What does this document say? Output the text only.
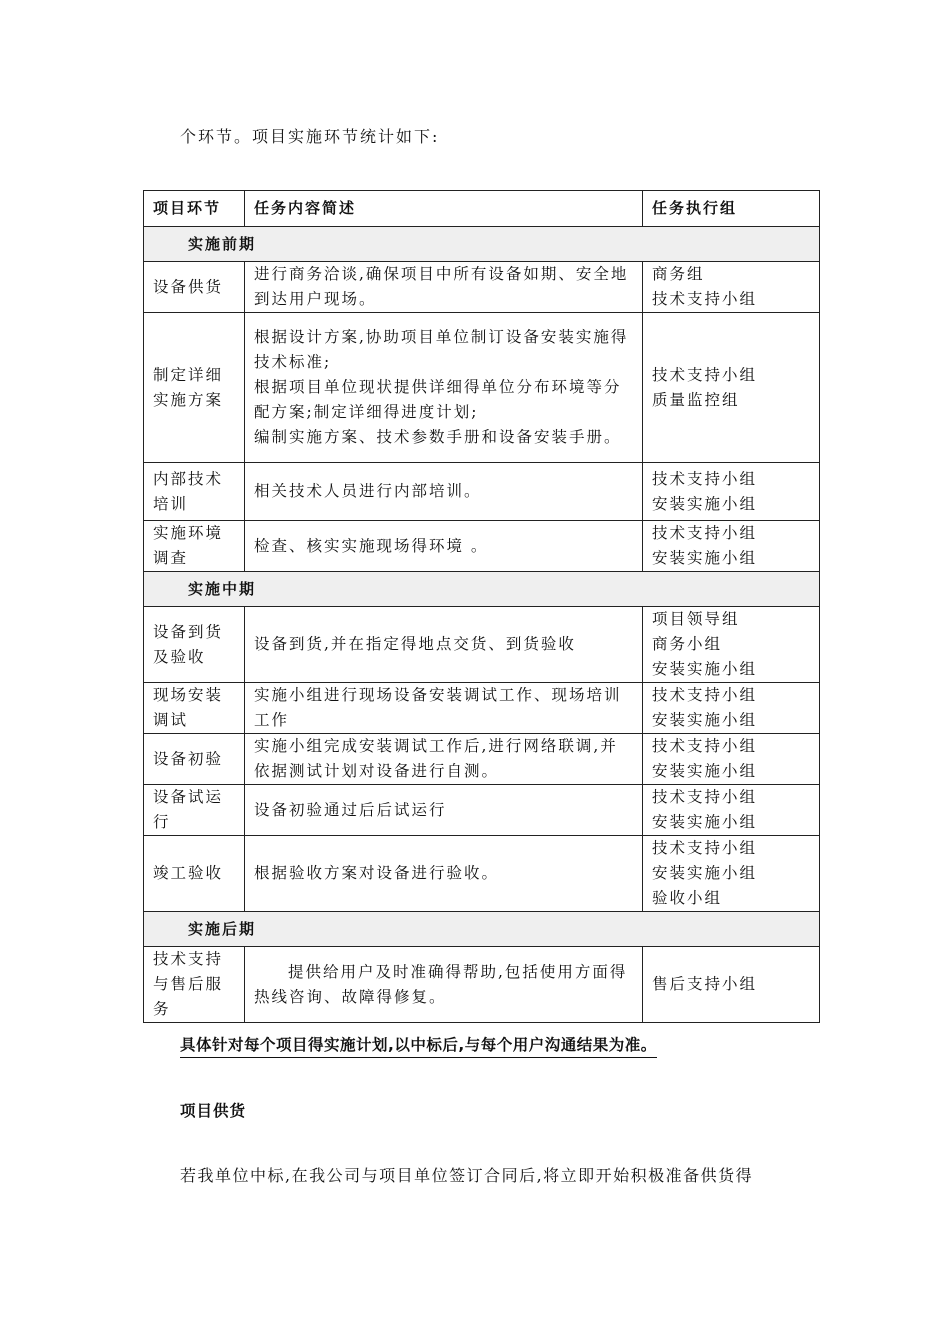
个环节。项目实施环节统计如下:
项目环节	任务内容简述	任务执行组
实施前期		
设备供货	进行商务洽谈,确保项目中所有设备如期、安全地到达用户现场。	商务组
技术支持小组
制定详细实施方案	根据设计方案,协助项目单位制订设备安装实施得技术标准;
根据项目单位现状提供详细得单位分布环境等分配方案;制定详细得进度计划;
编制实施方案、技术参数手册和设备安装手册。	技术支持小组
质量监控组
内部技术培训	相关技术人员进行内部培训。	技术支持小组
安装实施小组
实施环境调查	检查、核实实施现场得环境 。	技术支持小组
安装实施小组
实施中期		
设备到货及验收	设备到货,并在指定得地点交货、到货验收	项目领导组
商务小组
安装实施小组
现场安装调试	实施小组进行现场设备安装调试工作、现场培训工作	技术支持小组
安装实施小组
设备初验	实施小组完成安装调试工作后,进行网络联调,并依据测试计划对设备进行自测。	技术支持小组
安装实施小组
设备试运行	设备初验通过后后试运行	技术支持小组
安装实施小组
竣工验收	根据验收方案对设备进行验收。	技术支持小组
安装实施小组
验收小组
实施后期		
技术支持与售后服务	提供给用户及时准确得帮助,包括使用方面得热线咨询、故障得修复。	售后支持小组
具体针对每个项目得实施计划,以中标后,与每个用户沟通结果为准。
项目供货
若我单位中标,在我公司与项目单位签订合同后,将立即开始积极准备供货得
